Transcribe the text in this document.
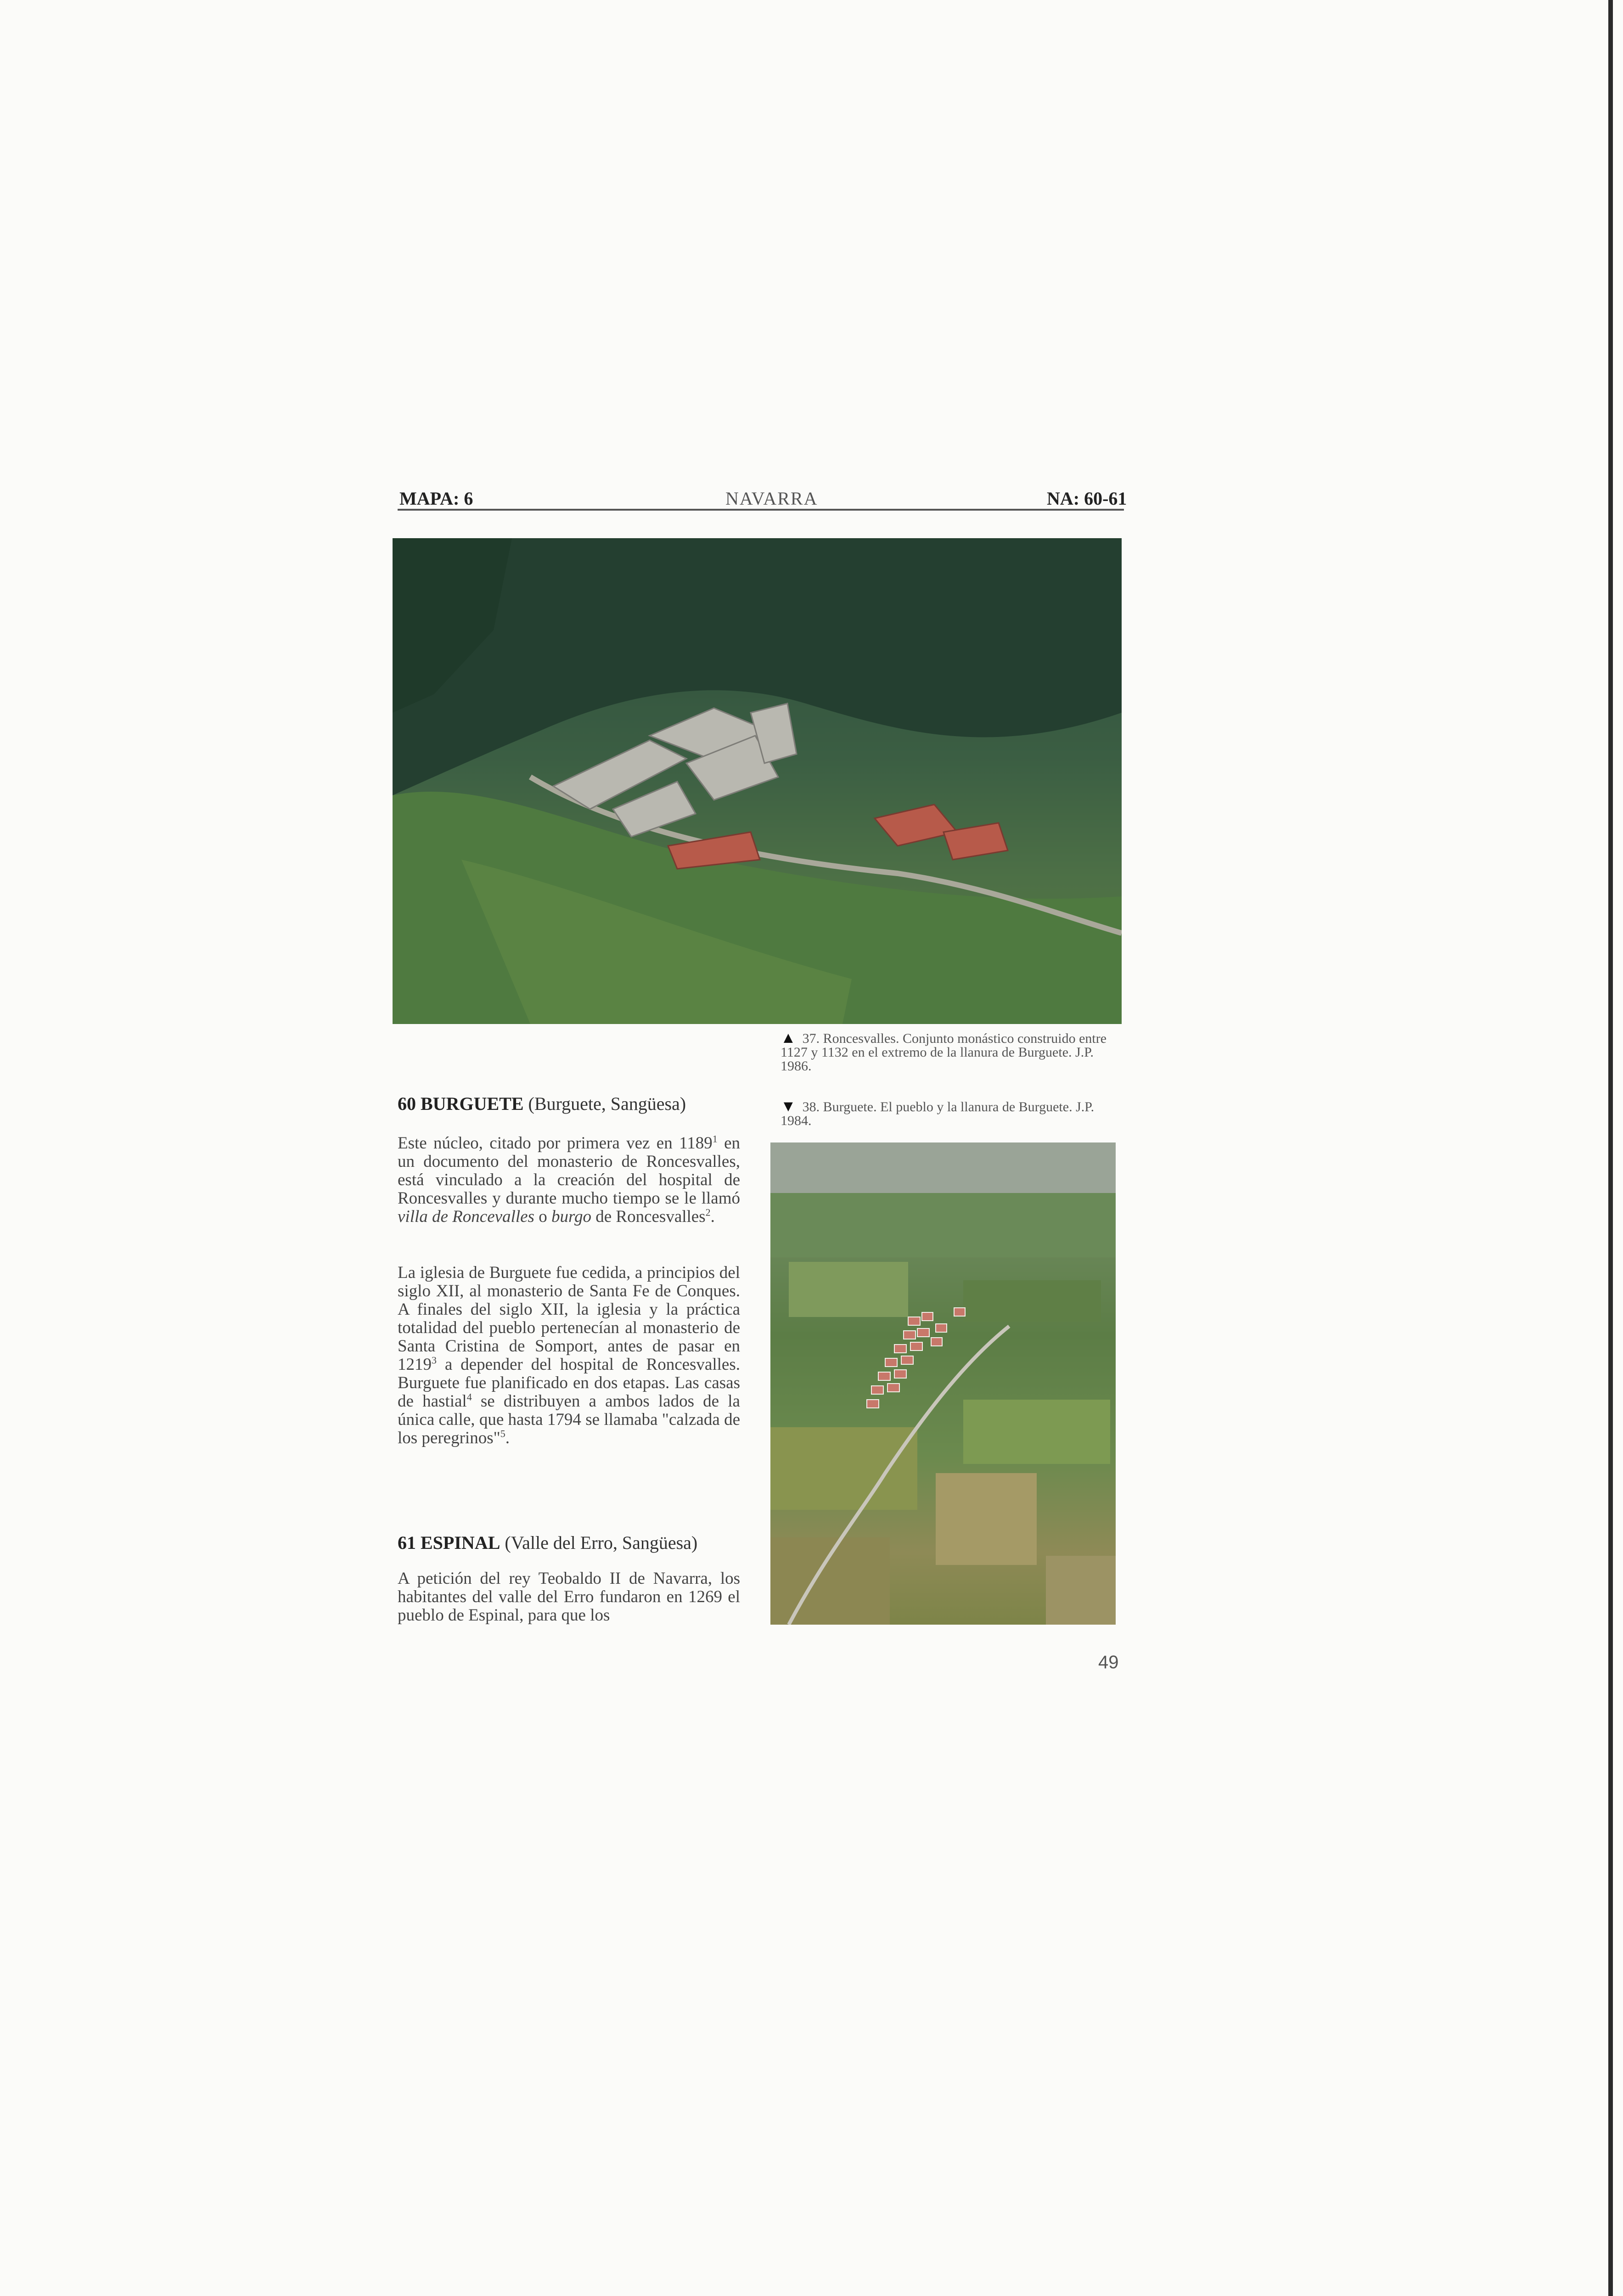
MAPA: 6	NAVARRA	NA: 60-61
▲ 37. Roncesvalles. Conjunto monástico construido entre 1127 y 1132 en el extremo de la llanura de Burguete. J.P. 1986.
▼ 38. Burguete. El pueblo y la llanura de Burguete. J.P. 1984.
60 BURGUETE (Burguete, Sangüesa)
Este núcleo, citado por primera vez en 1189$^1$ en un documento del monasterio de Roncesvalles, está vinculado a la creación del hospital de Roncesvalles y durante mucho tiempo se le llamó villa de Roncevalles o burgo de Roncesvalles$^2$.
La iglesia de Burguete fue cedida, a principios del siglo XII, al monasterio de Santa Fe de Conques. A finales del siglo XII, la iglesia y la práctica totalidad del pueblo pertenecían al monasterio de Santa Cristina de Somport, antes de pasar en 1219$^3$ a depender del hospital de Roncesvalles. Burguete fue planificado en dos etapas. Las casas de hastial$^4$ se distribuyen a ambos lados de la única calle, que hasta 1794 se llamaba "calzada de los peregrinos"$^5$.
61 ESPINAL (Valle del Erro, Sangüesa)
A petición del rey Teobaldo II de Navarra, los habitantes del valle del Erro fundaron en 1269 el pueblo de Espinal, para que los
49
